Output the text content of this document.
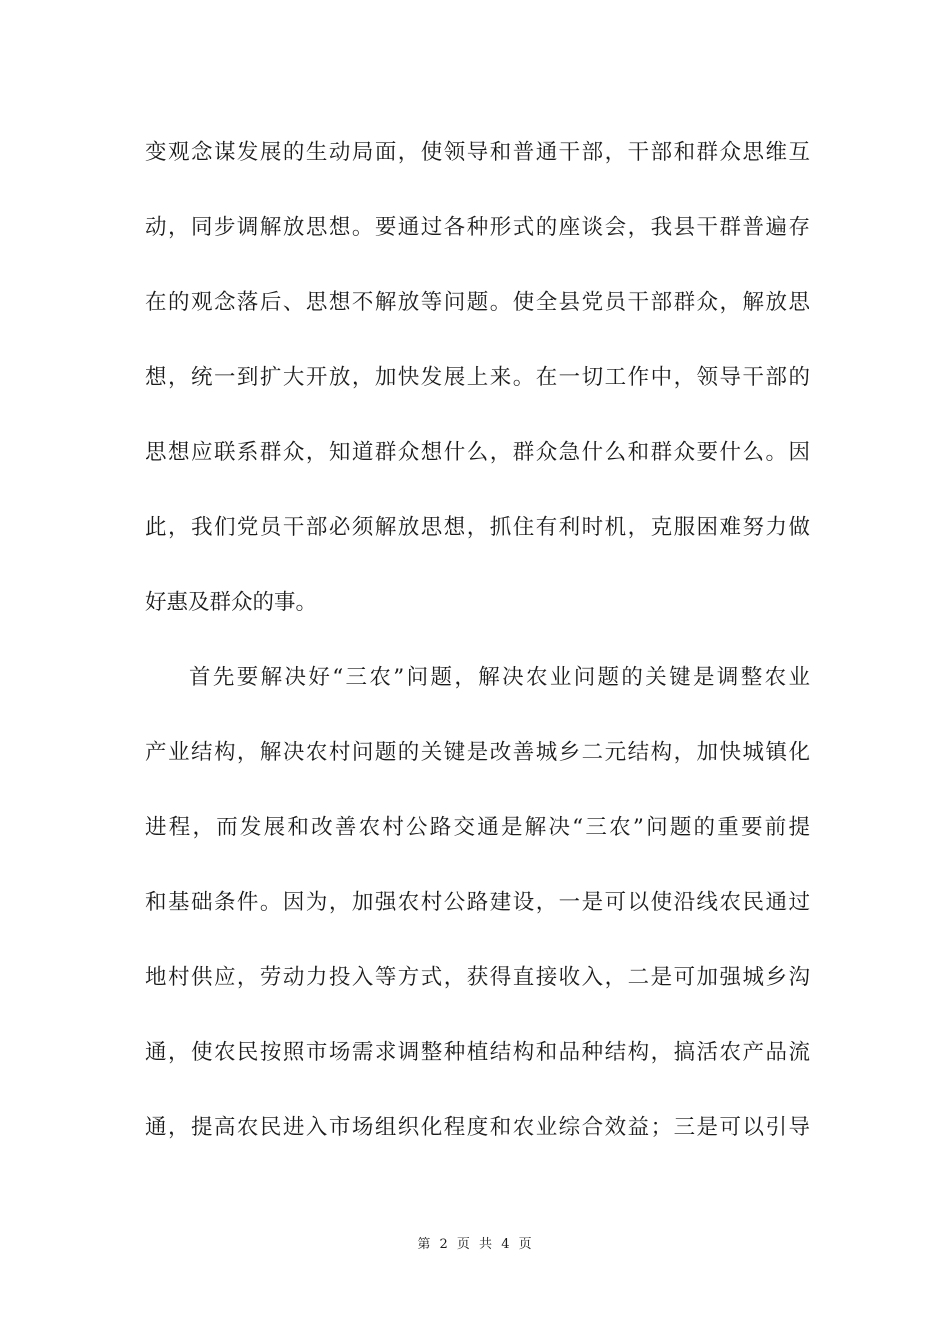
变观念谋发展的生动局面，使领导和普通干部，干部和群众思维互
动，同步调解放思想。要通过各种形式的座谈会，我县干群普遍存
在的观念落后、思想不解放等问题。使全县党员干部群众，解放思
想，统一到扩大开放，加快发展上来。在一切工作中，领导干部的
思想应联系群众，知道群众想什么，群众急什么和群众要什么。因
此，我们党员干部必须解放思想，抓住有利时机，克服困难努力做
好惠及群众的事。
首先要解决好“三农”问题，解决农业问题的关键是调整农业
产业结构，解决农村问题的关键是改善城乡二元结构，加快城镇化
进程，而发展和改善农村公路交通是解决“三农”问题的重要前提
和基础条件。因为，加强农村公路建设，一是可以使沿线农民通过
地村供应，劳动力投入等方式，获得直接收入，二是可加强城乡沟
通，使农民按照市场需求调整种植结构和品种结构，搞活农产品流
通，提高农民进入市场组织化程度和农业综合效益；三是可以引导
第 2 页 共 4 页
